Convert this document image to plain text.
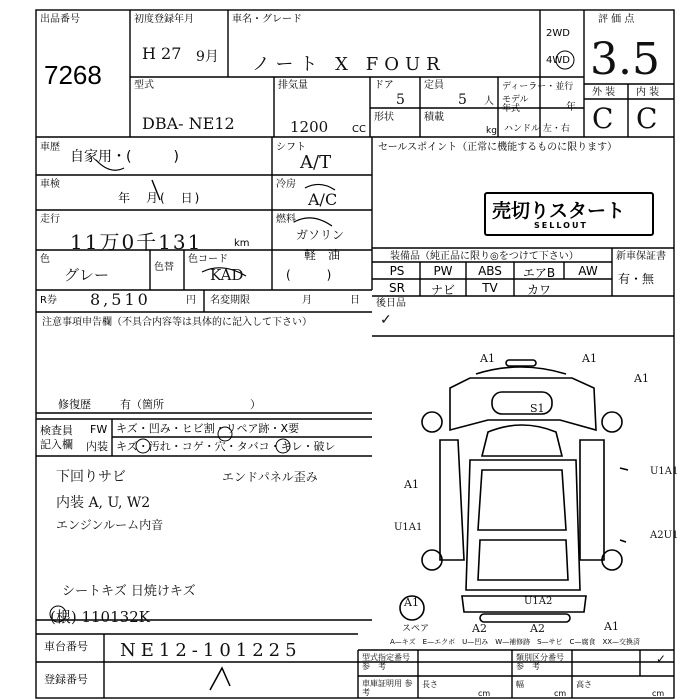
出品番号
7268
初度登録年月
H 27 9月
車名・グレード
ノート X FOUR
2WD
4WD
評 価 点
3.5
外 装 内 装
C C
型式
DBA- NE12
排気量
1200 CC
ドア
5
定員
5 人
ディーラー・並行
モデル 年式	年
形状	積載
kg ハンドル 左・右
車歴
自家用・(　　　)
シフト
A/T
車検
年　月(　日)
冷房
A/C
走行
11万0千131	km
燃料
ガソリン
軽　油
(　　　)
色
グレー	色替
色コード
KAD
R券 8,510	円 名変期限	月	日
セールスポイント（正常に機能するものに限ります）
売切りスタート
SELLOUT
装備品（純正品に限り◎をつけて下さい）	新車保証書
有・無
PS	PW	ABS	エアB	AW
SR	ナビ	TV	カワ
後日品
✓
注意事項申告欄（不具合内容等は具体的に記入して下さい）
修復歴	有（箇所	）
検査員 記入欄
FW キズ・凹み・ヒビ割・リペア跡・X要
内装 キズ・汚れ・コゲ・穴・タバコ・キレ・破レ
下回りサビ
内装 A, U, W2
エンジンルーム内音
エンドパネル歪み
シートキズ 日焼けキズ
(根) 110132K
A1	A1
A1
S1
U1A1
A1
U1A1
A2U1
A1	U1A2
A2	A2	A1
スペア
A—キズ　E—エクボ　U—凹み　W—補修跡　S—サビ　C—腐食　XX—交換済
車台番号 NE12-101225
登録番号
型式指定番号 参　考
類別区分番号 参　考
✓
車庫証明用 参　考
長さ
cm
幅
cm
高さ
cm
